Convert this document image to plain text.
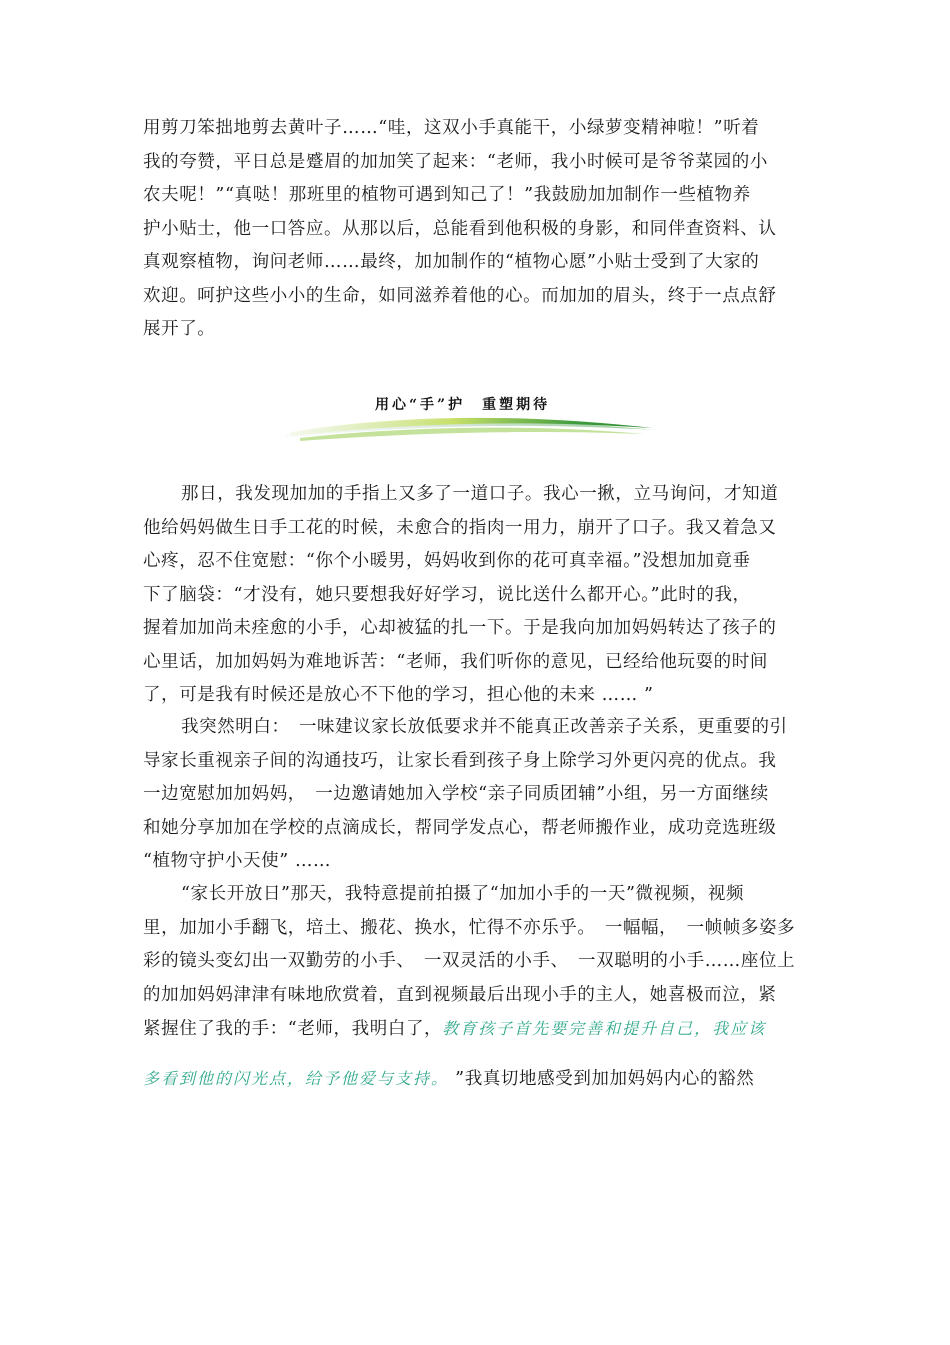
用剪刀笨拙地剪去黄叶子……“哇，这双小手真能干，小绿萝变精神啦！”听着
我的夸赞，平日总是蹙眉的加加笑了起来：“老师，我小时候可是爷爷菜园的小
农夫呢！”“真哒！那班里的植物可遇到知己了！”我鼓励加加制作一些植物养
护小贴士，他一口答应。从那以后，总能看到他积极的身影，和同伴查资料、认
真观察植物，询问老师……最终，加加制作的“植物心愿”小贴士受到了大家的
欢迎。呵护这些小小的生命，如同滋养着他的心。而加加的眉头，终于一点点舒
展开了。
用心“手”护　重塑期待
那日，我发现加加的手指上又多了一道口子。我心一揪，立马询问，才知道
他给妈妈做生日手工花的时候，未愈合的指肉一用力，崩开了口子。我又着急又
心疼，忍不住宽慰：“你个小暖男，妈妈收到你的花可真幸福。”没想加加竟垂
下了脑袋：“才没有，她只要想我好好学习，说比送什么都开心。”此时的我，
握着加加尚未痊愈的小手，心却被猛的扎一下。于是我向加加妈妈转达了孩子的
心里话，加加妈妈为难地诉苦：“老师，我们听你的意见，已经给他玩耍的时间
了，可是我有时候还是放心不下他的学习，担心他的未来 …… ”
我突然明白：　一味建议家长放低要求并不能真正改善亲子关系，更重要的引
导家长重视亲子间的沟通技巧，让家长看到孩子身上除学习外更闪亮的优点。我
一边宽慰加加妈妈，　一边邀请她加入学校“亲子同质团辅”小组，另一方面继续
和她分享加加在学校的点滴成长，帮同学发点心，帮老师搬作业，成功竞选班级
“植物守护小天使” ……
“家长开放日”那天，我特意提前拍摄了“加加小手的一天”微视频，视频
里，加加小手翻飞，培土、搬花、换水，忙得不亦乐乎。　一幅幅，　一帧帧多姿多
彩的镜头变幻出一双勤劳的小手、　一双灵活的小手、　一双聪明的小手……座位上
的加加妈妈津津有味地欣赏着，直到视频最后出现小手的主人，她喜极而泣，紧
紧握住了我的手：“老师，我明白了，教育孩子首先要完善和提升自己，我应该
多看到他的闪光点，给予他爱与支持。 ”我真切地感受到加加妈妈内心的豁然
